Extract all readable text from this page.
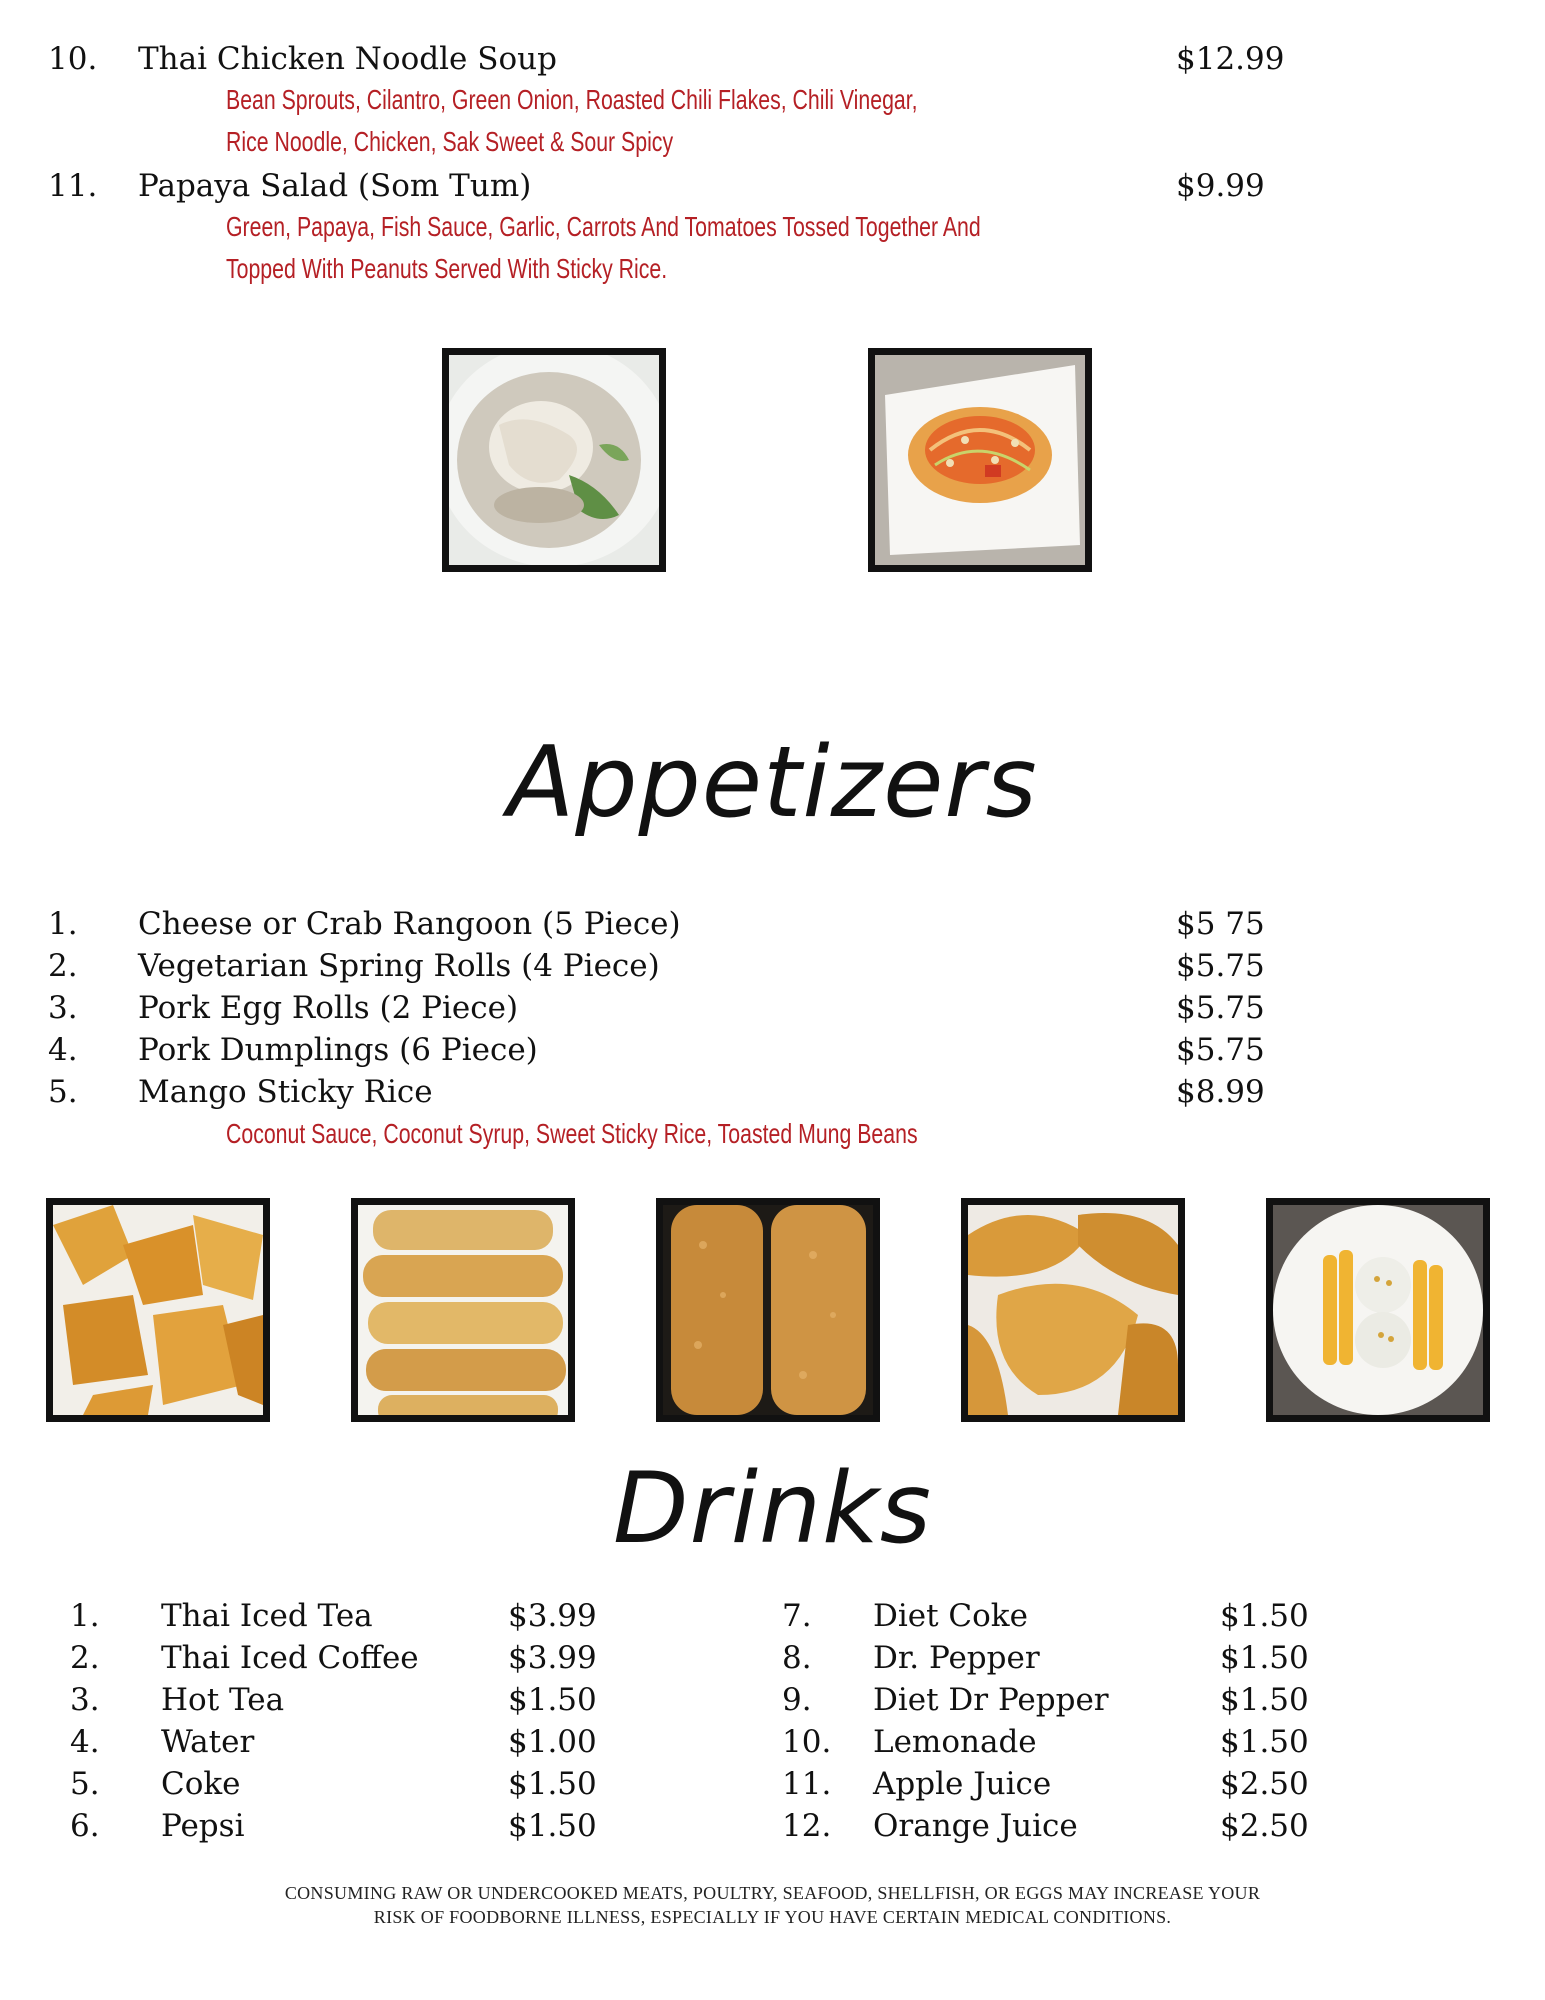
10. Thai Chicken Noodle Soup	$12.99
Bean Sprouts, Cilantro, Green Onion, Roasted Chili Flakes, Chili Vinegar,
Rice Noodle, Chicken, Sak Sweet & Sour Spicy
11. Papaya Salad (Som Tum)	$9.99
Green, Papaya, Fish Sauce, Garlic, Carrots And Tomatoes Tossed Together And
Topped With Peanuts Served With Sticky Rice.
Appetizers
1. Cheese or Crab Rangoon (5 Piece)	$5 75
2. Vegetarian Spring Rolls (4 Piece)	$5.75
3. Pork Egg Rolls (2 Piece)	$5.75
4. Pork Dumplings (6 Piece)	$5.75
5. Mango Sticky Rice	$8.99
Coconut Sauce, Coconut Syrup, Sweet Sticky Rice, Toasted Mung Beans
Drinks
1. Thai Iced Tea	$3.99
2. Thai Iced Coffee	$3.99
3. Hot Tea	$1.50
4. Water	$1.00
5. Coke	$1.50
6. Pepsi	$1.50
7. Diet Coke	$1.50
8. Dr. Pepper	$1.50
9. Diet Dr Pepper	$1.50
10. Lemonade	$1.50
11. Apple Juice	$2.50
12. Orange Juice	$2.50
CONSUMING RAW OR UNDERCOOKED MEATS, POULTRY, SEAFOOD, SHELLFISH, OR EGGS MAY INCREASE YOUR
RISK OF FOODBORNE ILLNESS, ESPECIALLY IF YOU HAVE CERTAIN MEDICAL CONDITIONS.
